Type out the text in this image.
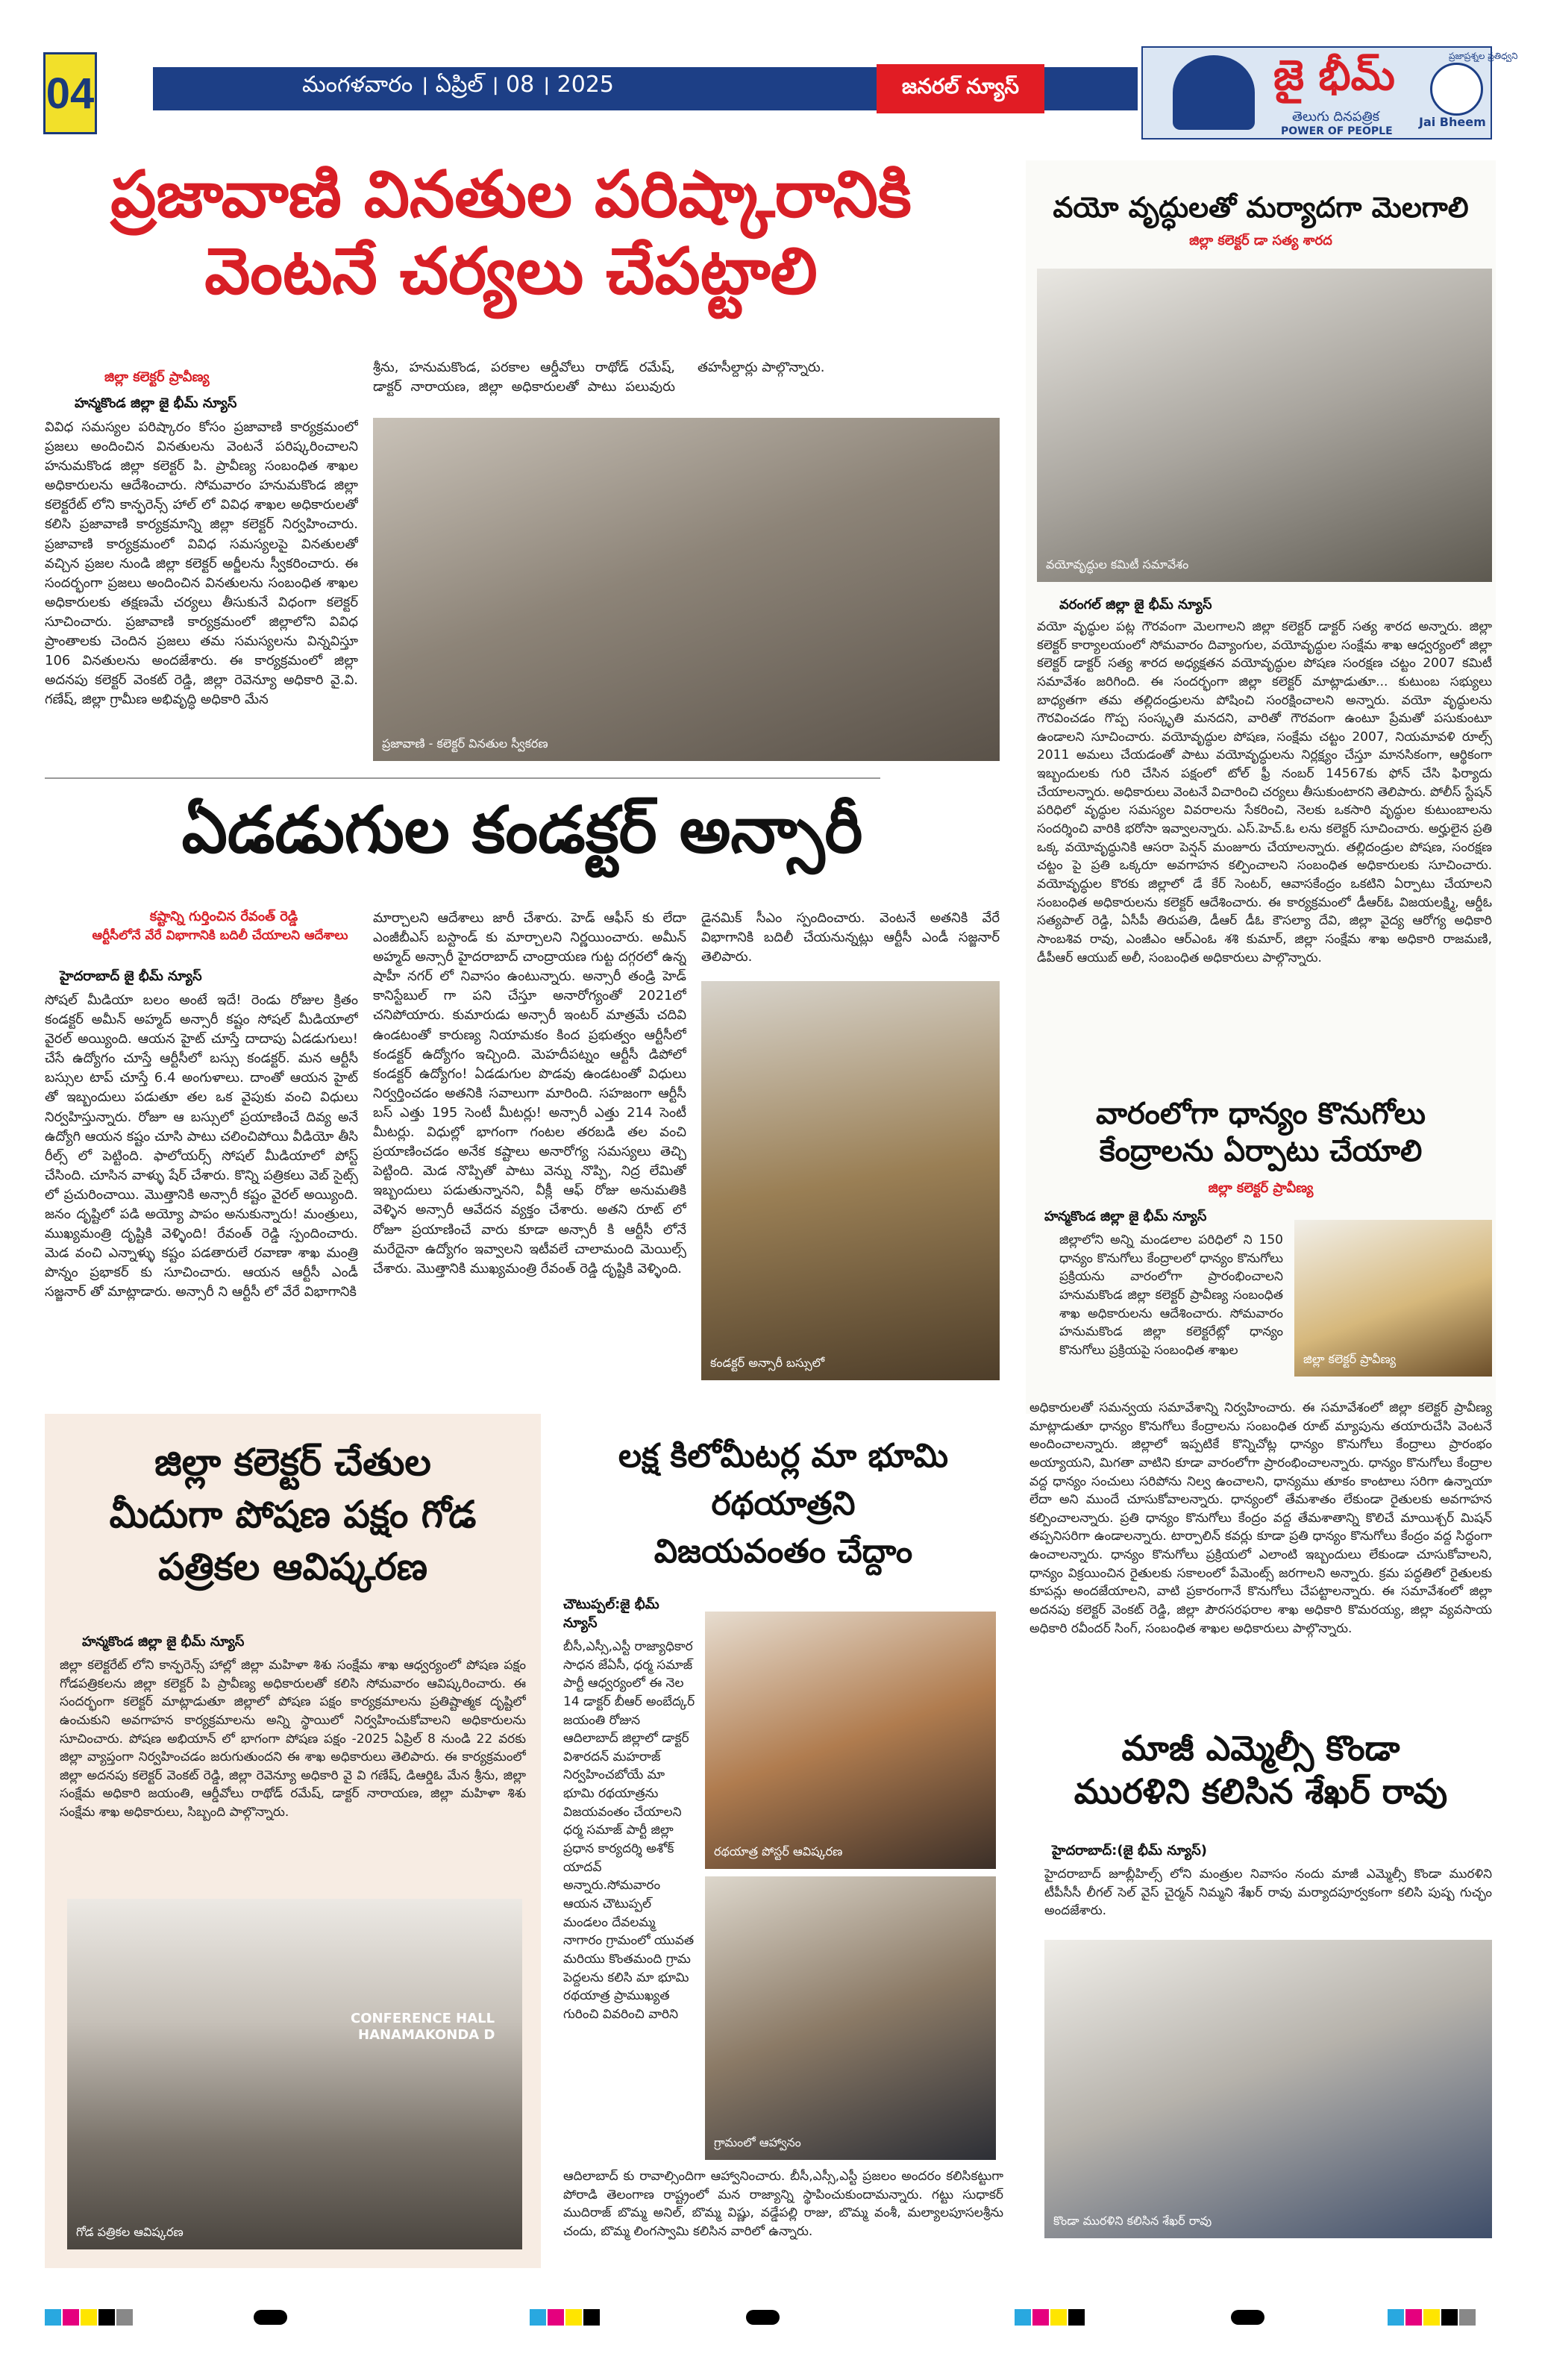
04	మంగళవారం । ఏప్రిల్ । 08 । 2025	జనరల్ న్యూస్	జై భీమ్
తెలుగు దినపత్రిక
POWER OF PEOPLE
ప్రజాప్రశ్నల ప్రతిధ్వని
Jai Bheem
ప్రజావాణి వినతుల పరిష్కారానికి
వెంటనే చర్యలు చేపట్టాలి
జిల్లా కలెక్టర్ ప్రావీణ్య
హన్మకొండ జిల్లా జై భీమ్ న్యూస్
వివిధ సమస్యల పరిష్కారం కోసం ప్రజావాణి కార్యక్రమంలో ప్రజలు అందించిన వినతులను వెంటనే పరిష్కరించాలని హనుమకొండ జిల్లా కలెక్టర్ పి. ప్రావీణ్య సంబంధిత శాఖల అధికారులను ఆదేశించారు. సోమవారం హనుమకొండ జిల్లా కలెక్టరేట్ లోని కాన్ఫరెన్స్ హాల్ లో వివిధ శాఖల అధికారులతో కలిసి ప్రజావాణి కార్యక్రమాన్ని జిల్లా కలెక్టర్ నిర్వహించారు. ప్రజావాణి కార్యక్రమంలో వివిధ సమస్యలపై వినతులతో వచ్చిన ప్రజల నుండి జిల్లా కలెక్టర్ అర్జీలను స్వీకరించారు. ఈ సందర్భంగా ప్రజలు అందించిన వినతులను సంబంధిత శాఖల అధికారులకు తక్షణమే చర్యలు తీసుకునే విధంగా కలెక్టర్ సూచించారు. ప్రజావాణి కార్యక్రమంలో జిల్లాలోని వివిధ ప్రాంతాలకు చెందిన ప్రజలు తమ సమస్యలను విన్నవిస్తూ 106 వినతులను అందజేశారు. ఈ కార్యక్రమంలో జిల్లా అదనపు కలెక్టర్ వెంకట్ రెడ్డి, జిల్లా రెవెన్యూ అధికారి వై.వి. గణేష్, జిల్లా గ్రామీణ అభివృద్ధి అధికారి మేన
శ్రీను, హనుమకొండ, పరకాల ఆర్డీవోలు రాథోడ్ రమేష్, డాక్టర్ నారాయణ, జిల్లా అధికారులతో పాటు పలువురు తహసీల్దార్లు పాల్గొన్నారు.
ప్రజావాణి - కలెక్టర్ వినతుల స్వీకరణ
ఏడడుగుల కండక్టర్ అన్సారీ
కష్టాన్ని గుర్తించిన రేవంత్ రెడ్డి
ఆర్టీసీలోనే వేరే విభాగానికి బదిలీ చేయాలని ఆదేశాలు
హైదరాబాద్ జై భీమ్ న్యూస్
సోషల్ మీడియా బలం అంటే ఇదే! రెండు రోజుల క్రితం కండక్టర్ అమీన్ అహ్మద్ అన్సారీ కష్టం సోషల్ మీడియాలో వైరల్ అయ్యింది. ఆయన హైట్ చూస్తే దాదాపు ఏడడుగులు! చేసే ఉద్యోగం చూస్తే ఆర్టీసీలో బస్సు కండక్టర్. మన ఆర్టీసీ బస్సుల టాప్ చూస్తే 6.4 అంగుళాలు. దాంతో ఆయన హైట్ తో ఇబ్బందులు పడుతూ తల ఒక వైపుకు వంచి విధులు నిర్వహిస్తున్నారు. రోజూ ఆ బస్సులో ప్రయాణించే దివ్య అనే ఉద్యోగి ఆయన కష్టం చూసి పాటు చలించిపోయి వీడియో తీసి రీల్స్ లో పెట్టింది. ఫాలోయర్స్ సోషల్ మీడియాలో పోస్ట్ చేసింది. చూసిన వాళ్ళు షేర్ చేశారు. కొన్ని పత్రికలు వెబ్ సైట్స్ లో ప్రచురించాయి. మొత్తానికి అన్సారీ కష్టం వైరల్ అయ్యింది. జనం దృష్టిలో పడి అయ్యో పాపం అనుకున్నారు! మంత్రులు, ముఖ్యమంత్రి దృష్టికి వెళ్ళింది! రేవంత్ రెడ్డి స్పందించారు. మెడ వంచి ఎన్నాళ్ళు కష్టం పడతారులే రవాణా శాఖ మంత్రి పొన్నం ప్రభాకర్ కు సూచించారు. ఆయన ఆర్టీసీ ఎండీ సజ్జనార్ తో మాట్లాడారు. అన్సారీ ని ఆర్టీసీ లో వేరే విభాగానికి
మార్చాలని ఆదేశాలు జారీ చేశారు. హెడ్ ఆఫీస్ కు లేదా ఎంజీబీఎస్ బస్టాండ్ కు మార్చాలని నిర్ణయించారు. అమీన్ అహ్మద్ అన్సారీ హైదరాబాద్ చాంద్రాయణ గుట్ట దగ్గరలో ఉన్న షాహీ నగర్ లో నివాసం ఉంటున్నారు. అన్సారీ తండ్రి హెడ్ కానిస్టేబుల్ గా పని చేస్తూ అనారోగ్యంతో 2021లో చనిపోయారు. కుమారుడు అన్సారీ ఇంటర్ మాత్రమే చదివి ఉండటంతో కారుణ్య నియామకం కింద ప్రభుత్వం ఆర్టీసీలో కండక్టర్ ఉద్యోగం ఇచ్చింది. మెహదీపట్నం ఆర్టీసీ డిపోలో కండక్టర్ ఉద్యోగం! ఏడడుగుల పొడవు ఉండటంతో విధులు నిర్వర్తించడం అతనికి సవాలుగా మారింది. సహజంగా ఆర్టీసీ బస్ ఎత్తు 195 సెంటీ మీటర్లు! అన్సారీ ఎత్తు 214 సెంటీ మీటర్లు. విధుల్లో భాగంగా గంటల తరబడి తల వంచి ప్రయాణించడం అనేక కష్టాలు అనారోగ్య సమస్యలు తెచ్చి పెట్టింది. మెడ నొప్పితో పాటు వెన్ను నొప్పి, నిద్ర లేమితో ఇబ్బందులు పడుతున్నానని, వీక్లీ ఆఫ్ రోజు అనుమతికి వెళ్ళిన అన్సారీ ఆవేదన వ్యక్తం చేశారు. అతని రూట్ లో రోజూ ప్రయాణించే వారు కూడా అన్సారీ కి ఆర్టీసీ లోనే మరేదైనా ఉద్యోగం ఇవ్వాలని ఇటీవలే చాలామంది మెయిల్స్ చేశారు. మొత్తానికి ముఖ్యమంత్రి రేవంత్ రెడ్డి దృష్టికి వెళ్ళింది.
డైనమిక్ సీఎం స్పందించారు. వెంటనే అతనికి వేరే విభాగానికి బదిలీ చేయనున్నట్లు ఆర్టీసీ ఎండీ సజ్జనార్ తెలిపారు.
కండక్టర్ అన్సారీ బస్సులో
వయో వృద్ధులతో మర్యాదగా మెలగాలి
జిల్లా కలెక్టర్ డా సత్య శారద
వయోవృద్ధుల కమిటీ సమావేశం
వరంగల్ జిల్లా జై భీమ్ న్యూస్
వయో వృద్ధుల పట్ల గౌరవంగా మెలగాలని జిల్లా కలెక్టర్ డాక్టర్ సత్య శారద అన్నారు. జిల్లా కలెక్టర్ కార్యాలయంలో సోమవారం దివ్యాంగుల, వయోవృద్ధుల సంక్షేమ శాఖ ఆధ్వర్యంలో జిల్లా కలెక్టర్ డాక్టర్ సత్య శారద అధ్యక్షతన వయోవృద్ధుల పోషణ సంరక్షణ చట్టం 2007 కమిటీ సమావేశం జరిగింది. ఈ సందర్భంగా జిల్లా కలెక్టర్ మాట్లాడుతూ... కుటుంబ సభ్యులు బాధ్యతగా తమ తల్లిదండ్రులను పోషించి సంరక్షించాలని అన్నారు. వయో వృద్ధులను గౌరవించడం గొప్ప సంస్కృతి మనదని, వారితో గౌరవంగా ఉంటూ ప్రేమతో పసుకుంటూ ఉండాలని సూచించారు. వయోవృద్ధుల పోషణ, సంక్షేమ చట్టం 2007, నియమావళి రూల్స్ 2011 అమలు చేయడంతో పాటు వయోవృద్ధులను నిర్లక్ష్యం చేస్తూ మానసికంగా, ఆర్థికంగా ఇబ్బందులకు గురి చేసిన పక్షంలో టోల్ ఫ్రీ నంబర్ 14567కు ఫోన్ చేసి ఫిర్యాదు చేయాలన్నారు. అధికారులు వెంటనే విచారించి చర్యలు తీసుకుంటారని తెలిపారు. పోలీస్ స్టేషన్ పరిధిలో వృద్ధుల సమస్యల వివరాలను సేకరించి, నెలకు ఒకసారి వృద్ధుల కుటుంబాలను సందర్శించి వారికి భరోసా ఇవ్వాలన్నారు. ఎస్.హెచ్.ఓ లను కలెక్టర్ సూచించారు. అర్హులైన ప్రతి ఒక్క వయోవృద్ధునికి ఆసరా పెన్షన్ మంజూరు చేయాలన్నారు. తల్లిదండ్రుల పోషణ, సంరక్షణ చట్టం పై ప్రతి ఒక్కరూ అవగాహన కల్పించాలని సంబంధిత అధికారులకు సూచించారు. వయోవృద్ధుల కొరకు జిల్లాలో డే కేర్ సెంటర్, ఆవాసకేంద్రం ఒకటిని ఏర్పాటు చేయాలని సంబంధిత అధికారులను కలెక్టర్ ఆదేశించారు. ఈ కార్యక్రమంలో డీఆర్ఓ విజయలక్ష్మి, ఆర్డీఓ సత్యపాల్ రెడ్డి, ఏసీపీ తిరుపతి, డీఆర్ డీఓ కౌసల్యా దేవి, జిల్లా వైద్య ఆరోగ్య అధికారి సాంబశివ రావు, ఎంజీఎం ఆర్ఎంఓ శశి కుమార్, జిల్లా సంక్షేమ శాఖ అధికారి రాజమణి, డీపీఆర్ ఆయుబ్ అలీ, సంబంధిత అధికారులు పాల్గొన్నారు.
వారంలోగా ధాన్యం కొనుగోలు
కేంద్రాలను ఏర్పాటు చేయాలి
జిల్లా కలెక్టర్ ప్రావీణ్య
హన్మకొండ జిల్లా జై భీమ్ న్యూస్
జిల్లాలోని అన్ని మండలాల పరిధిలో ని 150 ధాన్యం కొనుగోలు కేంద్రాలలో ధాన్యం కొనుగోలు ప్రక్రియను వారంలోగా ప్రారంభించాలని హనుమకొండ జిల్లా కలెక్టర్ ప్రావీణ్య సంబంధిత శాఖ అధికారులను ఆదేశించారు. సోమవారం హనుమకొండ జిల్లా కలెక్టరేట్లో ధాన్యం కొనుగోలు ప్రక్రియపై సంబంధిత శాఖల
జిల్లా కలెక్టర్ ప్రావీణ్య
అధికారులతో సమన్వయ సమావేశాన్ని నిర్వహించారు. ఈ సమావేశంలో జిల్లా కలెక్టర్ ప్రావీణ్య మాట్లాడుతూ ధాన్యం కొనుగోలు కేంద్రాలను సంబంధిత రూట్ మ్యాపును తయారుచేసి వెంటనే అందించాలన్నారు. జిల్లాలో ఇప్పటికే కొన్నిచోట్ల ధాన్యం కొనుగోలు కేంద్రాలు ప్రారంభం అయ్యాయని, మిగతా వాటిని కూడా వారంలోగా ప్రారంభించాలన్నారు. ధాన్యం కొనుగోలు కేంద్రాల వద్ద ధాన్యం సంచులు సరిపోను నిల్వ ఉంచాలని, ధాన్యము తూకం కాంటాలు సరిగా ఉన్నాయా లేదా అని ముందే చూసుకోవాలన్నారు. ధాన్యంలో తేమశాతం లేకుండా రైతులకు అవగాహన కల్పించాలన్నారు. ప్రతి ధాన్యం కొనుగోలు కేంద్రం వద్ద తేమశాతాన్ని కొలిచే మాయిశ్చర్ మిషన్ తప్పనిసరిగా ఉండాలన్నారు. టార్పాలిన్ కవర్లు కూడా ప్రతి ధాన్యం కొనుగోలు కేంద్రం వద్ద సిద్ధంగా ఉంచాలన్నారు. ధాన్యం కొనుగోలు ప్రక్రియలో ఎలాంటి ఇబ్బందులు లేకుండా చూసుకోవాలని, ధాన్యం విక్రయించిన రైతులకు సకాలంలో పేమెంట్స్ జరగాలని అన్నారు. క్రమ పద్ధతిలో రైతులకు కూపన్లు అందజేయాలని, వాటి ప్రకారంగానే కొనుగోలు చేపట్టాలన్నారు. ఈ సమావేశంలో జిల్లా అదనపు కలెక్టర్ వెంకట్ రెడ్డి, జిల్లా పౌరసరఫరాల శాఖ అధికారి కొమరయ్య, జిల్లా వ్యవసాయ అధికారి రవీందర్ సింగ్, సంబంధిత శాఖల అధికారులు పాల్గొన్నారు.
మాజీ ఎమ్మెల్సీ కొండా
మురళిని కలిసిన శేఖర్ రావు
హైదరాబాద్:(జై భీమ్ న్యూస్)
హైదరాబాద్ జూబ్లీహిల్స్ లోని మంత్రుల నివాసం నందు మాజీ ఎమ్మెల్సీ కొండా మురళిని టీపీసీసీ లీగల్ సెల్ వైస్ చైర్మన్ నిమ్మని శేఖర్ రావు మర్యాదపూర్వకంగా కలిసి పుష్ప గుచ్ఛం అందజేశారు.
కొండా మురళిని కలిసిన శేఖర్ రావు
జిల్లా కలెక్టర్ చేతుల
మీదుగా పోషణ పక్షం గోడ
పత్రికల ఆవిష్కరణ
హన్మకొండ జిల్లా జై భీమ్ న్యూస్
జిల్లా కలెక్టరేట్ లోని కాన్ఫరెన్స్ హాల్లో జిల్లా మహిళా శిశు సంక్షేమ శాఖ ఆధ్వర్యంలో పోషణ పక్షం గోడపత్రికలను జిల్లా కలెక్టర్ పి ప్రావీణ్య అధికారులతో కలిసి సోమవారం ఆవిష్కరించారు. ఈ సందర్భంగా కలెక్టర్ మాట్లాడుతూ జిల్లాలో పోషణ పక్షం కార్యక్రమాలను ప్రతిష్టాత్మక దృష్టిలో ఉంచుకుని అవగాహన కార్యక్రమాలను అన్ని స్థాయిలో నిర్వహించుకోవాలని అధికారులను సూచించారు. పోషణ అభియాన్ లో భాగంగా పోషణ పక్షం -2025 ఏప్రిల్ 8 నుండి 22 వరకు జిల్లా వ్యాప్తంగా నిర్వహించడం జరుగుతుందని ఈ శాఖ అధికారులు తెలిపారు. ఈ కార్యక్రమంలో జిల్లా అదనపు కలెక్టర్ వెంకట్ రెడ్డి, జిల్లా రెవెన్యూ అధికారి వై వి గణేష్, డిఆర్డిఓ మేన శ్రీను, జిల్లా సంక్షేమ అధికారి జయంతి, ఆర్డీవోలు రాథోడ్ రమేష్, డాక్టర్ నారాయణ, జిల్లా మహిళా శిశు సంక్షేమ శాఖ అధికారులు, సిబ్బంది పాల్గొన్నారు.
CONFERENCE HALL
HANAMAKONDA D
గోడ పత్రికల ఆవిష్కరణ
లక్ష కిలోమీటర్ల మా భూమి
రథయాత్రని
విజయవంతం చేద్దాం
చౌటుప్పల్:జై భీమ్ న్యూస్
బీసీ,ఎస్సీ,ఎస్టీ రాజ్యాధికార సాధన జేఏసీ, ధర్మ సమాజ్ పార్టీ ఆధ్వర్యంలో ఈ నెల 14 డాక్టర్ బీఆర్ అంబేద్కర్ జయంతి రోజున ఆదిలాబాద్ జిల్లాలో డాక్టర్ విశారదన్ మహరాజ్ నిర్వహించబోయే మా భూమి రథయాత్రను విజయవంతం చేయాలని ధర్మ సమాజ్ పార్టీ జిల్లా ప్రధాన కార్యదర్శి అశోక్ యాదవ్ అన్నారు.సోమవారం ఆయన చౌటుప్పల్ మండలం దేవలమ్మ నాగారం గ్రామంలో యువత మరియు కొంతమంది గ్రామ పెద్దలను కలిసి మా భూమి రథయాత్ర ప్రాముఖ్యత గురించి వివరించి వారిని
రథయాత్ర పోస్టర్ ఆవిష్కరణ
గ్రామంలో ఆహ్వానం
ఆదిలాబాద్ కు రావాల్సిందిగా ఆహ్వానించారు. బీసీ,ఎస్సీ,ఎస్టీ ప్రజలం అందరం కలిసికట్టుగా పోరాడి తెలంగాణ రాష్ట్రంలో మన రాజ్యాన్ని స్థాపించుకుందామన్నారు. గట్టు సుధాకర్ ముదిరాజ్ బొమ్మ అనిల్, బొమ్మ విష్ణు, వడ్డేపల్లి రాజు, బొమ్మ వంశీ, మల్యాలపూసలశ్రీను చందు, బొమ్మ లింగస్వామి కలిసిన వారిలో ఉన్నారు.
